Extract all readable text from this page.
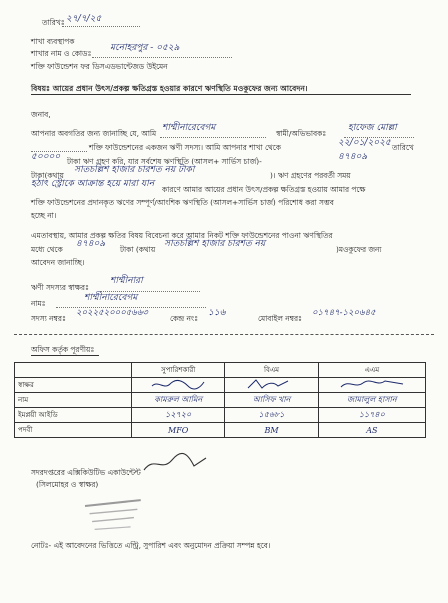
তারিখঃ ২৭/৭/২৫
শাখা ব্যবস্থাপক
শাখার নাম ও কোডঃ
মনোহরপুর - ০৫২৯
শক্তি ফাউন্ডেশন ফর ডিসএডভান্টেজড উইমেন
বিষয়ঃ আয়ের প্রধান উৎস/প্রকল্প ক্ষতিগ্রস্ত হওয়ার কারণে ঋণস্থিতি মওকুফের জন্য আবেদন।
জনাব,
আপনার অবগতির জন্য জানাচ্ছি যে, আমি
শাম্মীনারেবেগম
স্বামী/অভিভাবকঃ
হাফেজ মোল্লা
শক্তি ফাউন্ডেশনের একজন ঋণী সদস্য। আমি আপনার শাখা থেকে	২২/০১/২০২৫ তারিখে
৫০০০০ টাকা ঋণ গ্রহণ করি, যার সর্বশেষ ঋণস্থিতি (আসল+ সার্ভিস চার্জ)-	৪৭৪০৯
টাকা(কথায়
সাতচল্লিশ হাজার চারশত নয় টাকা
)। ঋণ গ্রহণের পরবর্তী সময়
হঠাৎ স্ট্রোকে আক্রান্ত হয়ে মারা যান
কারণে আমার আয়ের প্রধান উৎস/প্রকল্প ক্ষতিগ্রস্ত হওয়ায় আমার পক্ষে
শক্তি ফাউন্ডেশনের প্রদানকৃত ঋণের সম্পূর্ণ/আংশিক ঋণস্থিতি (আসল+সার্ভিস চার্জ) পরিশোধ করা সম্ভব
হচ্ছে না।
এমতাবস্থায়, আমার প্রকল্প ক্ষতির বিষয় বিবেচনা করে আমার নিকট শক্তি ফাউন্ডেশনের পাওনা ঋণস্থিতির
মধ্যে থেকে
৪৭৪০৯
টাকা (কথায়
সাতচল্লিশ হাজার চারশত নয়
)মওকুফের জন্য
আবেদন জানাচ্ছি।
ঋণী সদস্যর স্বাক্ষরঃ
শাম্মীনারা
নামঃ
শাম্মীনারেবেগম
সদস্য নম্বরঃ
২০২২৫২০০০৫৬৬৩
কেন্দ্র নংঃ
১১৬
মোবাইল নম্বরঃ
০১৭৪৭-১২০৬৪৫
অফিস কর্তৃক পূরণীয়ঃ
	সুপারিশকারী	বিএম	এএম
স্বাক্ষর			
নাম	কামরুল আমিন	আসিফ খান	জামালুল হাসান
ইমপ্লয়ী আইডি	১২৭২০	১৫৬৮১	১১৭৪০
পদবী	MFO	BM	AS
সদরদপ্তরের এক্সিকিউটিভ একাউন্টেন্ট
(সিলমোহর ও স্বাক্ষর)
নোটঃ- এই আবেদনের ভিত্তিতে এন্ট্রি, সুপারিশ এবং অনুমোদন প্রক্রিয়া সম্পন্ন হবে।
